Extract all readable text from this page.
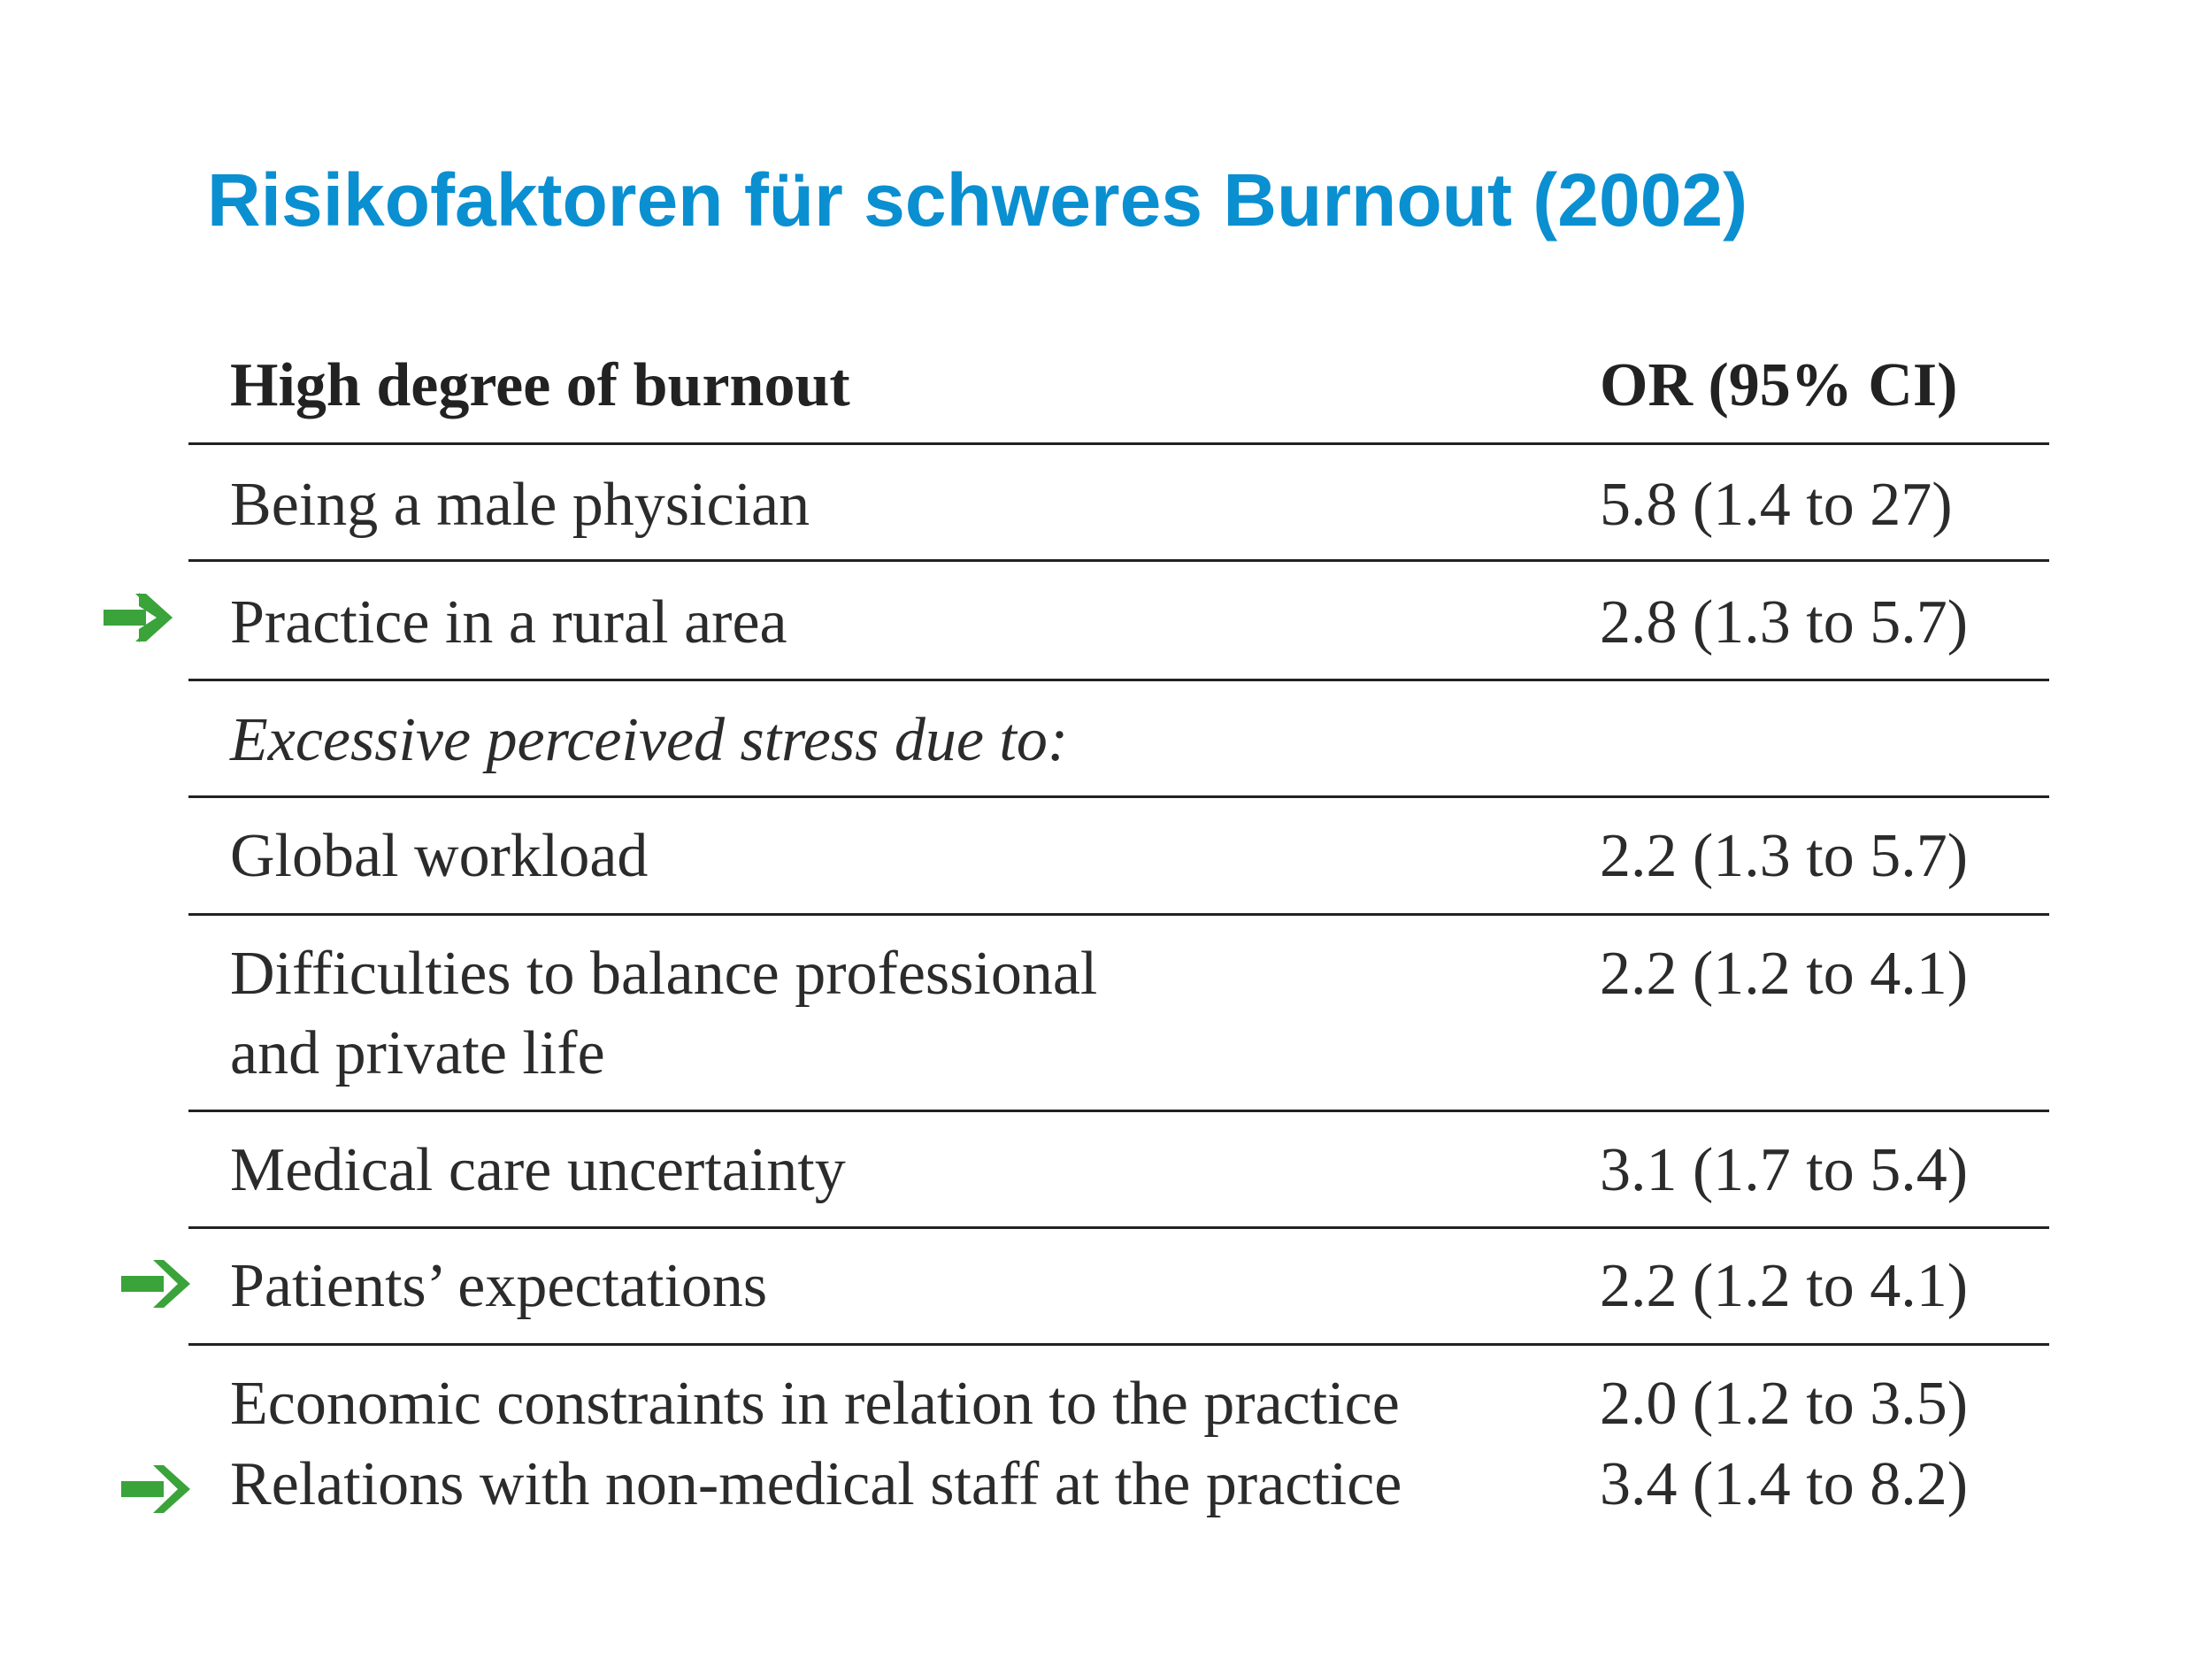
Risikofaktoren für schweres Burnout (2002)
High degree of burnout	OR (95% CI)
Being a male physician	5.8 (1.4 to 27)
Practice in a rural area	2.8 (1.3 to 5.7)
Excessive perceived stress due to:
Global workload	2.2 (1.3 to 5.7)
Difficulties to balance professional	2.2 (1.2 to 4.1)
and private life
Medical care uncertainty	3.1 (1.7 to 5.4)
Patients’ expectations	2.2 (1.2 to 4.1)
Economic constraints in relation to the practice	2.0 (1.2 to 3.5)
Relations with non-medical staff at the practice	3.4 (1.4 to 8.2)
